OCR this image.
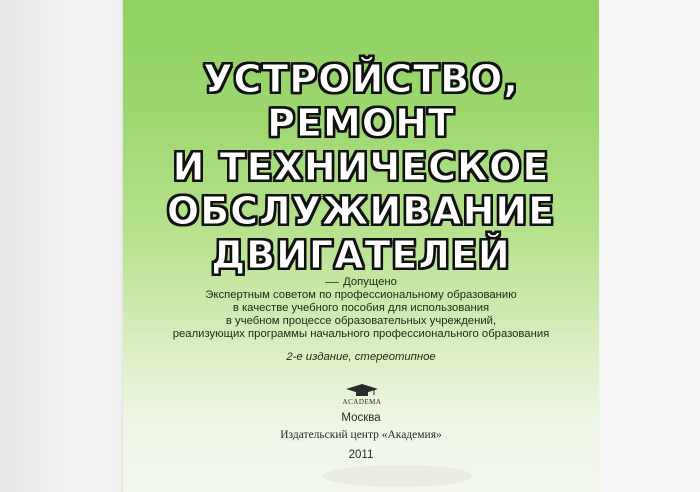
УСТРОЙСТВО,
РЕМОНТ
И ТЕХНИЧЕСКОЕ
ОБСЛУЖИВАНИЕ
ДВИГАТЕЛЕЙ
Допущено
Экспертным советом по профессиональному образованию
в качестве учебного пособия для использования
в учебном процессе образовательных учреждений,
реализующих программы начального профессионального образования
2-е издание, стереотипное
ACADEMA
Москва
Издательский центр «Академия»
2011
